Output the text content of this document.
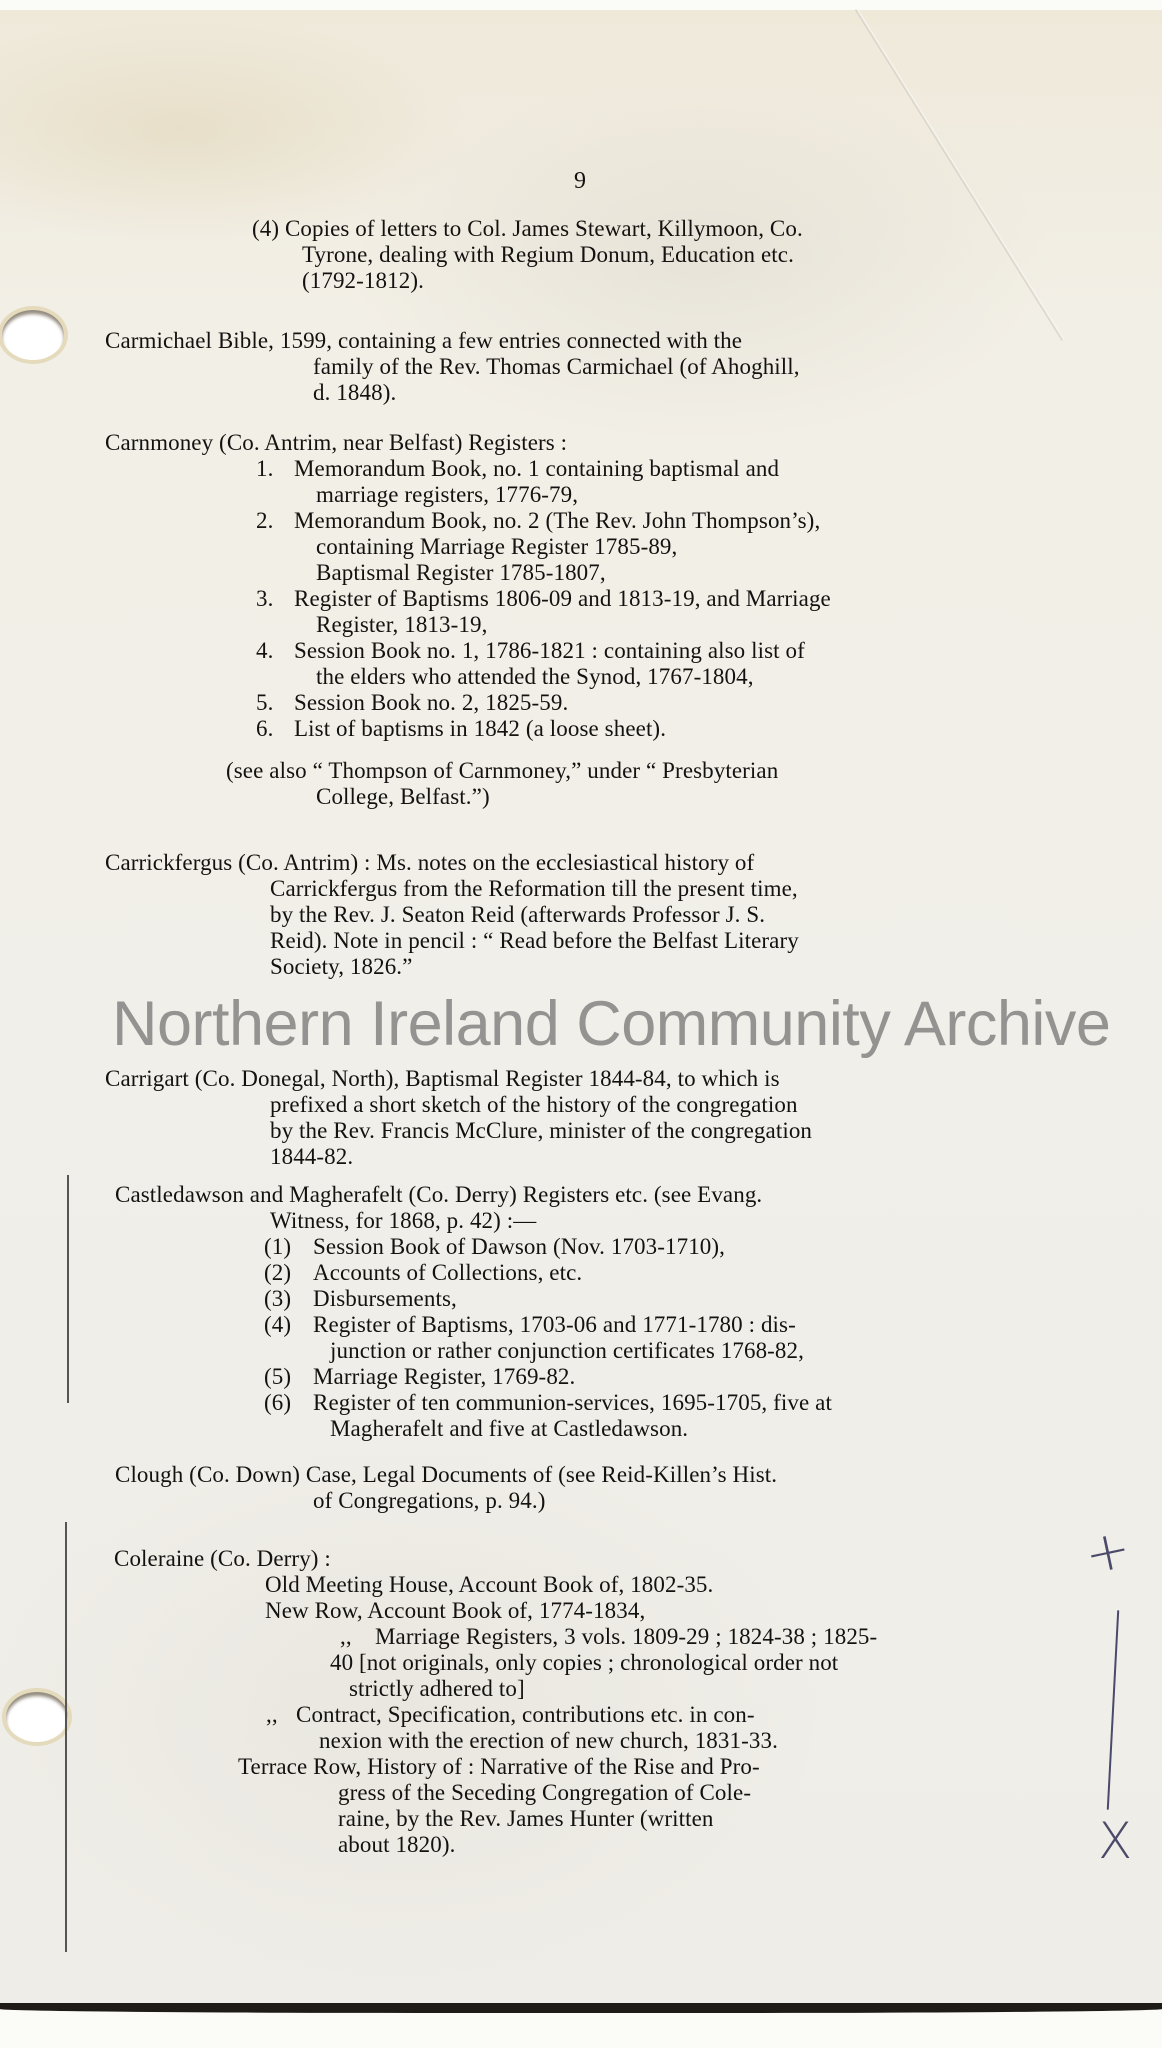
+
X
9
(4) Copies of letters to Col. James Stewart, Killymoon, Co.
Tyrone, dealing with Regium Donum, Education etc.
(1792-1812).
Carmichael Bible, 1599, containing a few entries connected with the
family of the Rev. Thomas Carmichael (of Ahoghill,
d. 1848).
Carnmoney (Co. Antrim, near Belfast) Registers :
1. Memorandum Book, no. 1 containing baptismal and
marriage registers, 1776-79,
2. Memorandum Book, no. 2 (The Rev. John Thompson’s),
containing Marriage Register 1785-89,
Baptismal Register 1785-1807,
3. Register of Baptisms 1806-09 and 1813-19, and Marriage
Register, 1813-19,
4. Session Book no. 1, 1786-1821 : containing also list of
the elders who attended the Synod, 1767-1804,
5. Session Book no. 2, 1825-59.
6. List of baptisms in 1842 (a loose sheet).
(see also “ Thompson of Carnmoney,” under “ Presbyterian
College, Belfast.”)
Carrickfergus (Co. Antrim) : Ms. notes on the ecclesiastical history of
Carrickfergus from the Reformation till the present time,
by the Rev. J. Seaton Reid (afterwards Professor J. S.
Reid). Note in pencil : “ Read before the Belfast Literary
Society, 1826.”
Northern Ireland Community Archive
Carrigart (Co. Donegal, North), Baptismal Register 1844-84, to which is
prefixed a short sketch of the history of the congregation
by the Rev. Francis McClure, minister of the congregation
1844-82.
Castledawson and Magherafelt (Co. Derry) Registers etc. (see Evang.
Witness, for 1868, p. 42) :—
(1) Session Book of Dawson (Nov. 1703-1710),
(2) Accounts of Collections, etc.
(3) Disbursements,
(4) Register of Baptisms, 1703-06 and 1771-1780 : dis-
junction or rather conjunction certificates 1768-82,
(5) Marriage Register, 1769-82.
(6) Register of ten communion-services, 1695-1705, five at
Magherafelt and five at Castledawson.
Clough (Co. Down) Case, Legal Documents of (see Reid-Killen’s Hist.
of Congregations, p. 94.)
Coleraine (Co. Derry) :
Old Meeting House, Account Book of, 1802-35.
New Row, Account Book of, 1774-1834,
,, Marriage Registers, 3 vols. 1809-29 ; 1824-38 ; 1825-
40 [not originals, only copies ; chronological order not
strictly adhered to]
,, Contract, Specification, contributions etc. in con-
nexion with the erection of new church, 1831-33.
Terrace Row, History of : Narrative of the Rise and Pro-
gress of the Seceding Congregation of Cole-
raine, by the Rev. James Hunter (written
about 1820).
